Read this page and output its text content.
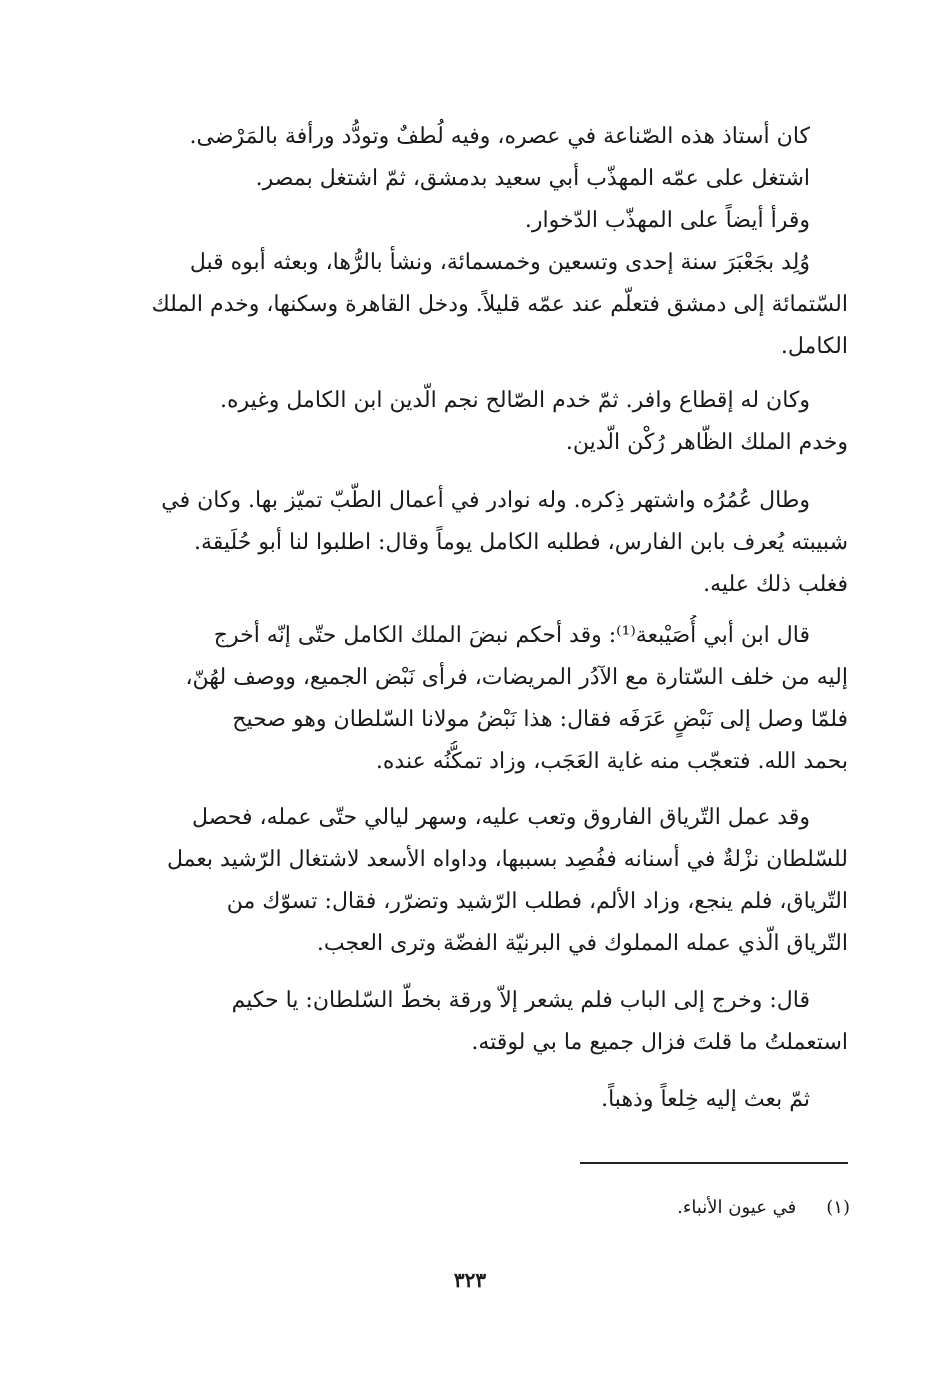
كان أستاذ هذه الصّناعة في عصره، وفيه لُطفٌ وتودُّد ورأفة بالمَرْضى.
اشتغل على عمّه المهذّب أبي سعيد بدمشق، ثمّ اشتغل بمصر.
وقرأ أيضاً على المهذّب الدّخوار.
وُلِد بجَعْبَرَ سنة إحدى وتسعين وخمسمائة، ونشأ بالرُّها، وبعثه أبوه قبل
السّتمائة إلى دمشق فتعلّم عند عمّه قليلاً. ودخل القاهرة وسكنها، وخدم الملك
الكامل.
وكان له إقطاع وافر. ثمّ خدم الصّالح نجم الّدين ابن الكامل وغيره.
وخدم الملك الظّاهر رُكْن الّدين.
وطال عُمُرُه واشتهر ذِكره. وله نوادر في أعمال الطّبّ تميّز بها. وكان في
شبيبته يُعرف بابن الفارس، فطلبه الكامل يوماً وقال: اطلبوا لنا أبو حُلَيقة.
فغلب ذلك عليه.
قال ابن أبي أُصَيْبعة⁽¹⁾: وقد أحكم نبضَ الملك الكامل حتّى إنّه أخرج
إليه من خلف السّتارة مع الآدُر المريضات، فرأى نَبْض الجميع، ووصف لهُنّ،
فلمّا وصل إلى نَبْضٍ عَرَفَه فقال: هذا نَبْضُ مولانا السّلطان وهو صحيح
بحمد الله. فتعجّب منه غاية العَجَب، وزاد تمكُّنُه عنده.
وقد عمل التّرياق الفاروق وتعب عليه، وسهر ليالي حتّى عمله، فحصل
للسّلطان نزْلةٌ في أسنانه ففُصِد بسببها، وداواه الأسعد لاشتغال الرّشيد بعمل
التّرياق، فلم ينجع، وزاد الألم، فطلب الرّشيد وتضرّر، فقال: تسوّك من
التّرياق الّذي عمله المملوك في البرنيّة الفضّة وترى العجب.
قال: وخرج إلى الباب فلم يشعر إلاّ ورقة بخطّ السّلطان: يا حكيم
استعملتُ ما قلتَ فزال جميع ما بي لوقته.
ثمّ بعث إليه خِلعاً وذهباً.
(١)في عيون الأنباء.
٣٢٣
